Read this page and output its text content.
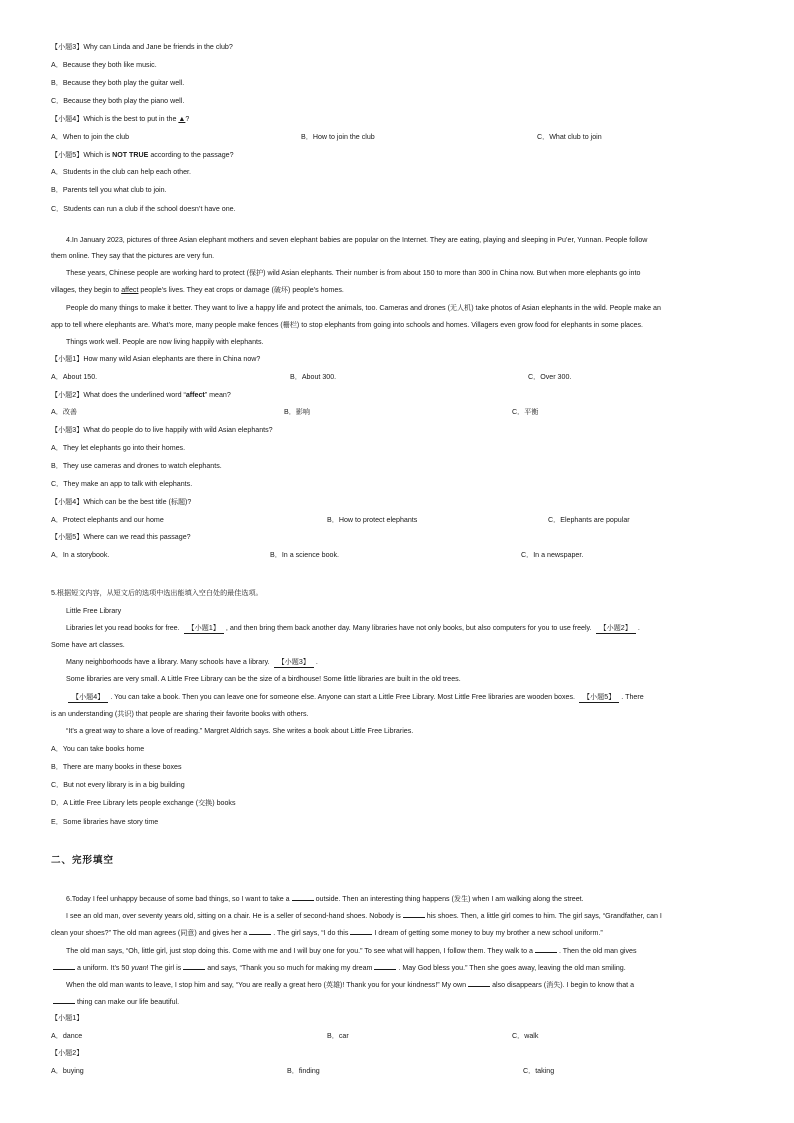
【小题3】Why can Linda and Jane be friends in the club?
A．Because they both like music.
B．Because they both play the guitar well.
C．Because they both play the piano well.
【小题4】Which is the best to put in the ▲?
A．When to join the club	B．How to join the club	C．What club to join
【小题5】Which is NOT TRUE according to the passage?
A．Students in the club can help each other.
B．Parents tell you what club to join.
C．Students can run a club if the school doesn’t have one.
4.In January 2023, pictures of three Asian elephant mothers and seven elephant babies are popular on the Internet. They are eating, playing and sleeping in Pu’er, Yunnan. People follow
them online. They say that the pictures are very fun.
These years, Chinese people are working hard to protect (保护) wild Asian elephants. Their number is from about 150 to more than 300 in China now. But when more elephants go into
villages, they begin to affect people’s lives. They eat crops or damage (破坏) people’s homes.
People do many things to make it better. They want to live a happy life and protect the animals, too. Cameras and drones (无人机) take photos of Asian elephants in the wild. People make an
app to tell where elephants are. What’s more, many people make fences (栅栏) to stop elephants from going into schools and homes. Villagers even grow food for elephants in some places.
Things work well. People are now living happily with elephants.
【小题1】How many wild Asian elephants are there in China now?
A．About 150.	B．About 300.	C．Over 300.
【小题2】What does the underlined word “affect” mean?
A．改善	B．影响	C．平衡
【小题3】What do people do to live happily with wild Asian elephants?
A．They let elephants go into their homes.
B．They use cameras and drones to watch elephants.
C．They make an app to talk with elephants.
【小题4】Which can be the best title (标题)?
A．Protect elephants and our home	B．How to protect elephants	C．Elephants are popular
【小题5】Where can we read this passage?
A．In a storybook.	B．In a science book.	C．In a newspaper.
5.根据短文内容，从短文后的选项中选出能填入空白处的最佳选项。
Little Free Library
Libraries let you read books for free. 【小题1】 , and then bring them back another day. Many libraries have not only books, but also computers for you to use freely. 【小题2】 .
Some have art classes.
Many neighborhoods have a library. Many schools have a library. 【小题3】 .
Some libraries are very small. A Little Free Library can be the size of a birdhouse! Some little libraries are built in the old trees.
【小题4】 . You can take a book. Then you can leave one for someone else. Anyone can start a Little Free Library. Most Little Free libraries are wooden boxes. 【小题5】 . There
is an understanding (共识) that people are sharing their favorite books with others.
“It’s a great way to share a love of reading.” Margret Aldrich says. She writes a book about Little Free Libraries.
A．You can take books home
B．There are many books in these boxes
C．But not every library is in a big building
D．A Little Free Library lets people exchange (交换) books
E．Some libraries have story time
二、完形填空
6.Today I feel unhappy because of some bad things, so I want to take a	outside. Then an interesting thing happens (发生) when I am walking along the street.
I see an old man, over seventy years old, sitting on a chair. He is a seller of second-hand shoes. Nobody is	his shoes. Then, a little girl comes to him. The girl says, “Grandfather, can I
clean your shoes?” The old man agrees (同意) and gives her a	. The girl says, “I do this	I dream of getting some money to buy my brother a new school uniform.”
The old man says, “Oh, little girl, just stop doing this. Come with me and I will buy one for you.” To see what will happen, I follow them. They walk to a	. Then the old man gives
a uniform. It’s 50 yuan! The girl is	and says, “Thank you so much for making my dream	. May God bless you.” Then she goes away, leaving the old man smiling.
When the old man wants to leave, I stop him and say, “You are really a great hero (英雄)! Thank you for your kindness!” My own	also disappears (消失). I begin to know that a
thing can make our life beautiful.
【小题1】
A．dance	B．car	C．walk
【小题2】
A．buying	B．finding	C．taking
